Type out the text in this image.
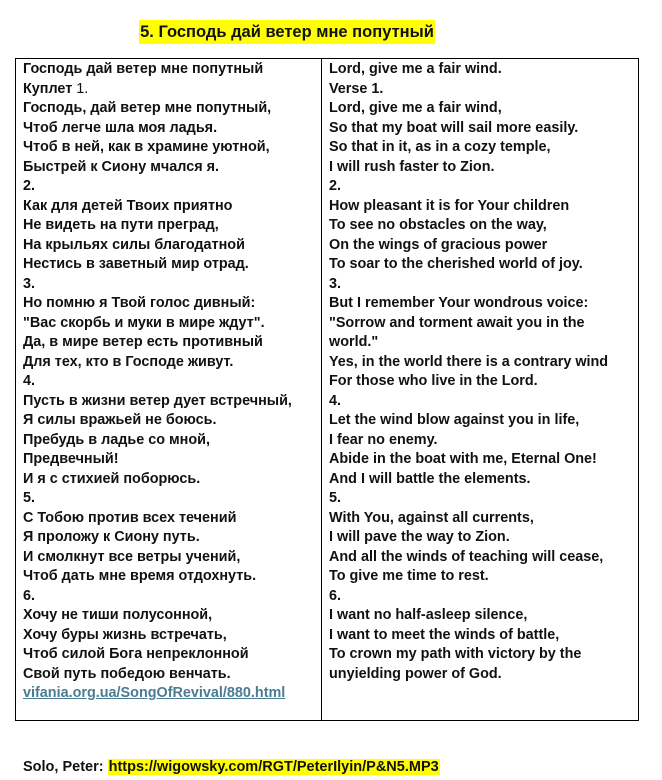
5. Господь дай ветер мне попутный
Господь дай ветер мне попутный
Куплет 1.
Господь, дай ветер мне попутный,
Чтоб легче шла моя ладья.
Чтоб в ней, как в храмине уютной,
Быстрей к Сиону мчался я.
2.
Как для детей Твоих приятно
Не видеть на пути преград,
На крыльях силы благодатной
Нестись в заветный мир отрад.
3.
Но помню я Твой голос дивный:
"Вас скорбь и муки в мире ждут".
Да, в мире ветер есть противный
Для тех, кто в Господе живут.
4.
Пусть в жизни ветер дует встречный,
Я силы вражьей не боюсь.
Пребудь в ладье со мной,
Предвечный!
И я с стихией поборюсь.
5.
С Тобою против всех течений
Я проложу к Сиону путь.
И смолкнут все ветры учений,
Чтоб дать мне время отдохнуть.
6.
Хочу не тиши полусонной,
Хочу буры жизнь встречать,
Чтоб силой Бога непреклонной
Свой путь победою венчать.
vifania.org.ua/SongOfRevival/880.html
Lord, give me a fair wind.
Verse 1.
Lord, give me a fair wind,
So that my boat will sail more easily.
So that in it, as in a cozy temple,
I will rush faster to Zion.
2.
How pleasant it is for Your children
To see no obstacles on the way,
On the wings of gracious power
To soar to the cherished world of joy.
3.
But I remember Your wondrous voice:
"Sorrow and torment await you in the
world."
Yes, in the world there is a contrary wind
For those who live in the Lord.
4.
Let the wind blow against you in life,
I fear no enemy.
Abide in the boat with me, Eternal One!
And I will battle the elements.
5.
With You, against all currents,
I will pave the way to Zion.
And all the winds of teaching will cease,
To give me time to rest.
6.
I want no half-asleep silence,
I want to meet the winds of battle,
To crown my path with victory by the
unyielding power of God.
Solo, Peter: https://wigowsky.com/RGT/PeterIlyin/P&N5.MP3
